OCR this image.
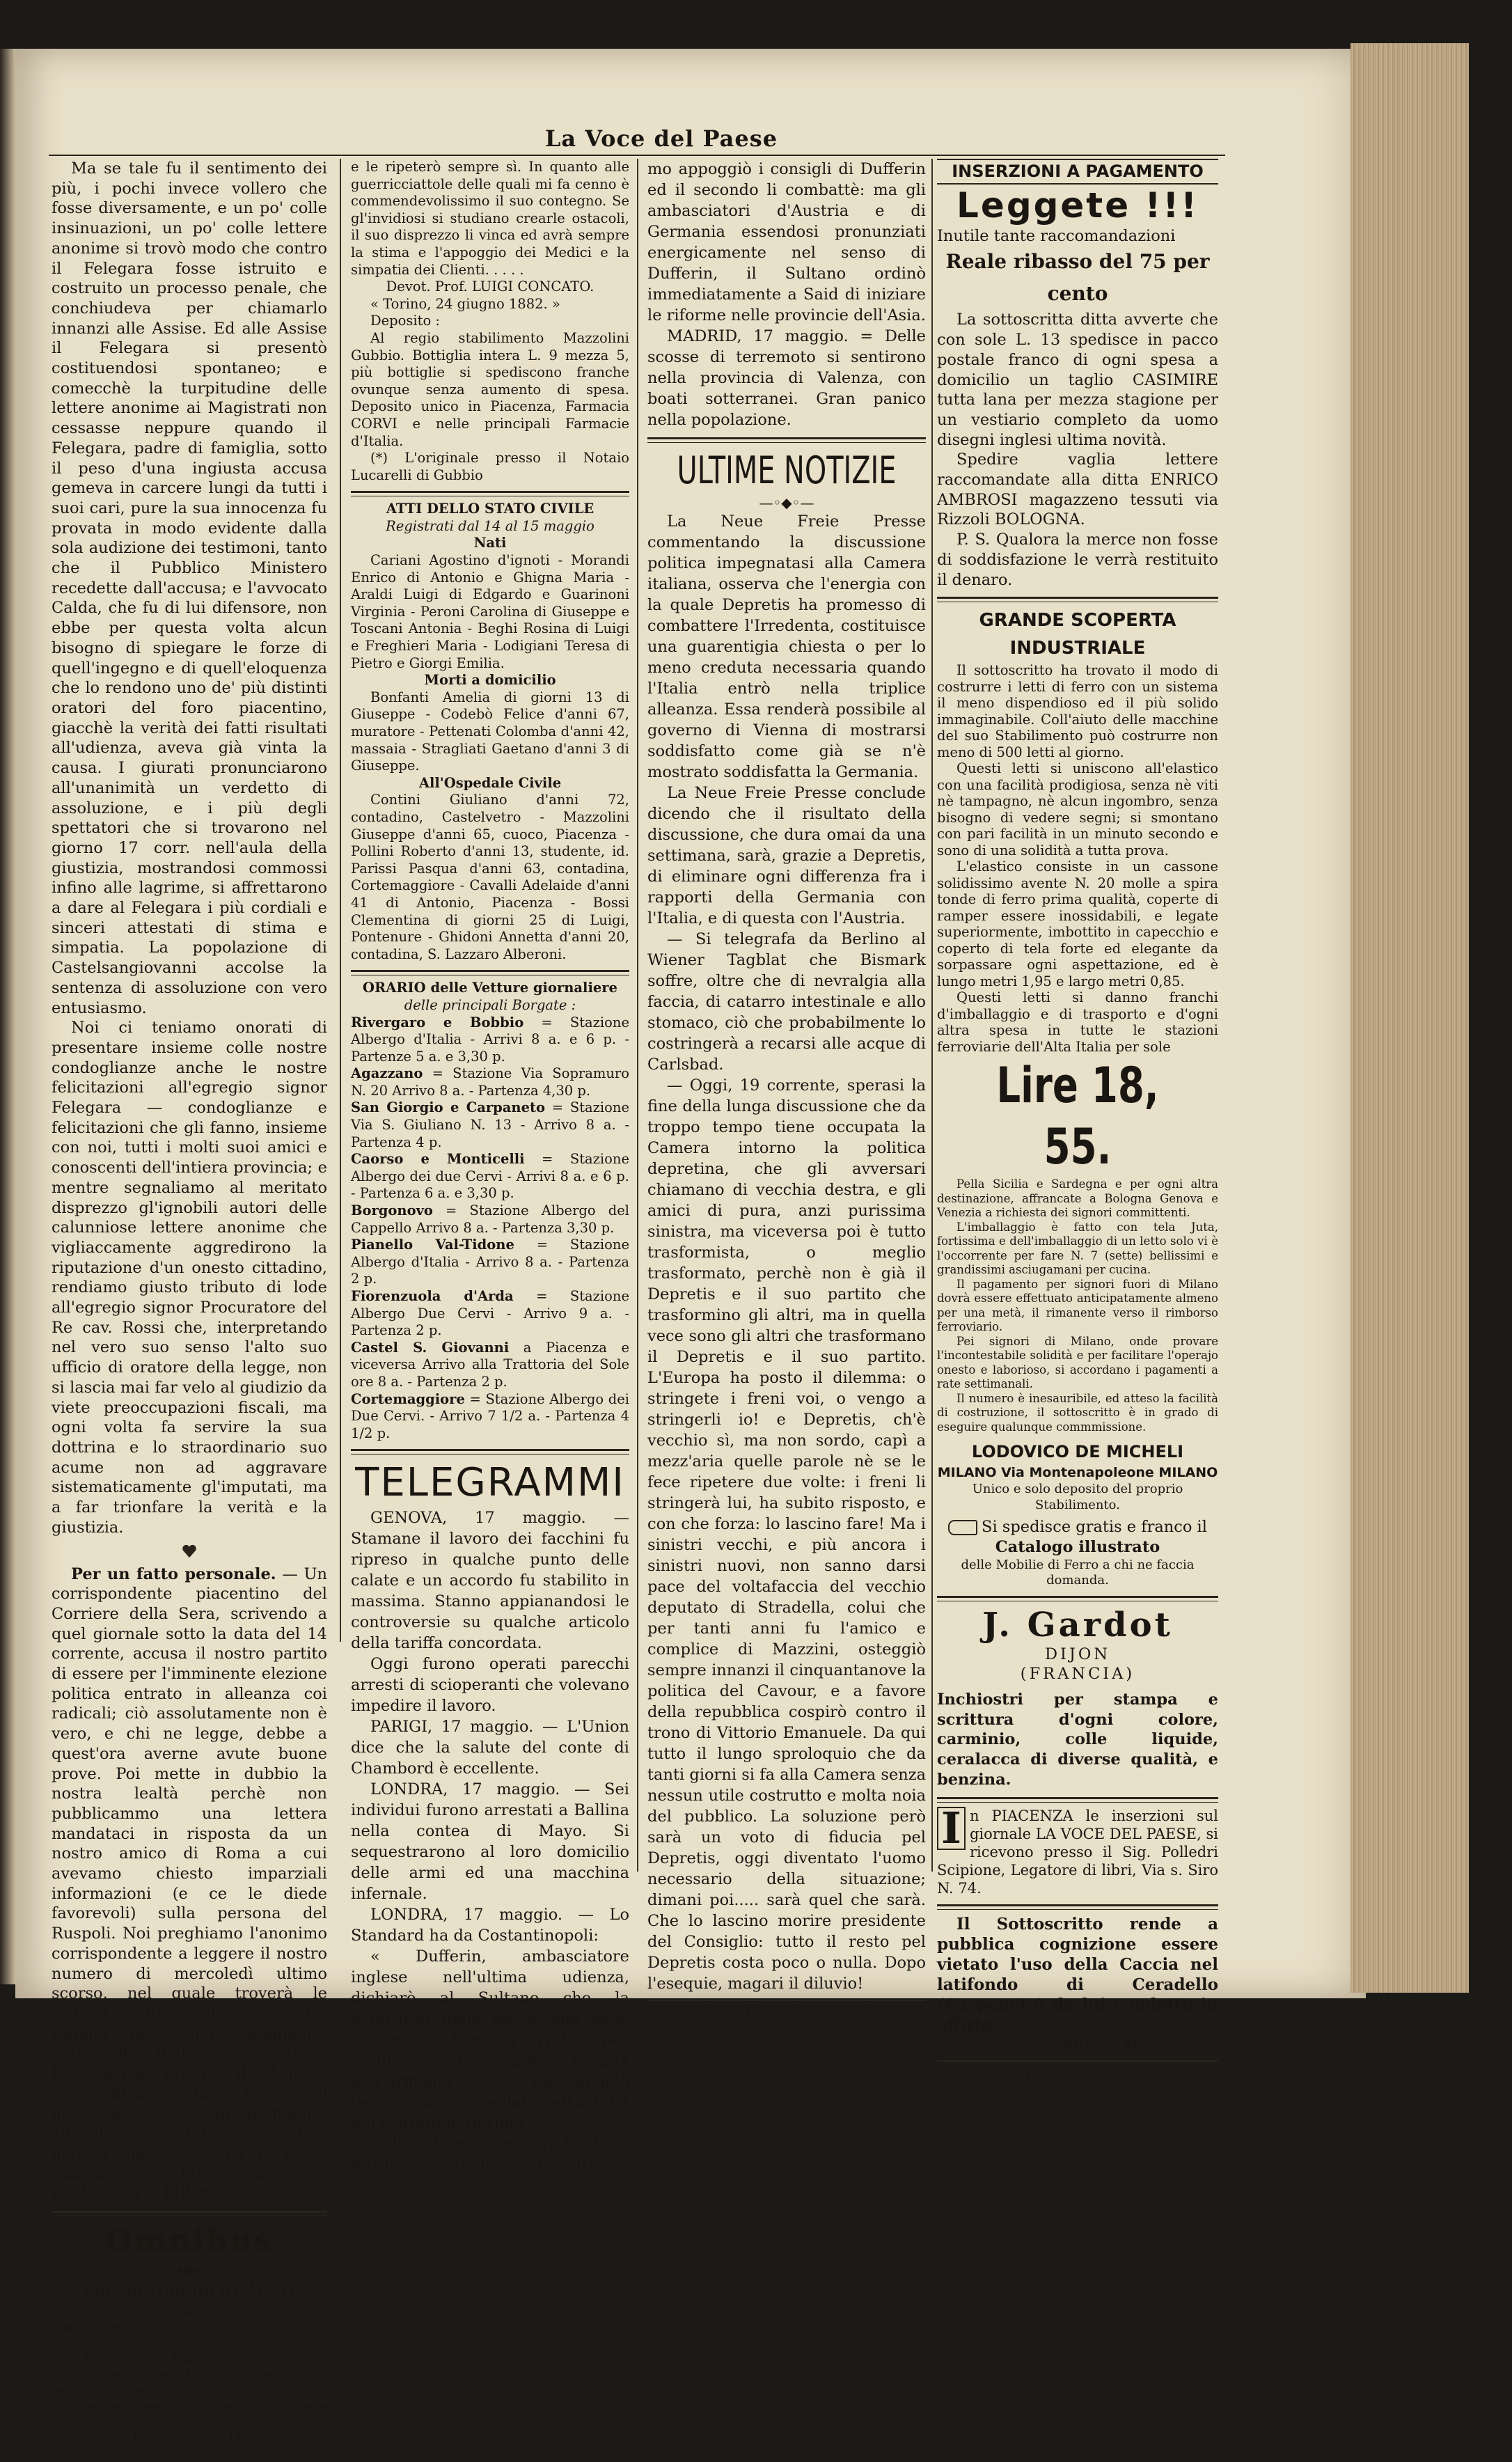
La Voce del Paese

Ma se tale fu il sentimento dei più, i pochi invece vollero che fosse diversamente, e un po' colle insinuazioni, un po' colle lettere anonime si trovò modo che contro il Felegara fosse istruito e costruito un processo penale, che conchiudeva per chiamarlo innanzi alle Assise. Ed alle Assise il Felegara si presentò costituendosi spontaneo; e comecchè la turpitudine delle lettere anonime ai Magistrati non cessasse neppure quando il Felegara, padre di famiglia, sotto il peso d'una ingiusta accusa gemeva in carcere lungi da tutti i suoi cari, pure la sua innocenza fu provata in modo evidente dalla sola audizione dei testimoni, tanto che il Pubblico Ministero recedette dall'accusa; e l'avvocato Calda, che fu di lui difensore, non ebbe per questa volta alcun bisogno di spiegare le forze di quell'ingegno e di quell'eloquenza che lo rendono uno de' più distinti oratori del foro piacentino, giacchè la verità dei fatti risultati all'udienza, aveva già vinta la causa. I giurati pronunciarono all'unanimità un verdetto di assoluzione, e i più degli spettatori che si trovarono nel giorno 17 corr. nell'aula della giustizia, mostrandosi commossi infino alle lagrime, si affrettarono a dare al Felegara i più cordiali e sinceri attestati di stima e simpatia. La popolazione di Castelsangiovanni accolse la sentenza di assoluzione con vero entusiasmo.

Noi ci teniamo onorati di presentare insieme colle nostre condoglianze anche le nostre felicitazioni all'egregio signor Felegara — condoglianze e felicitazioni che gli fanno, insieme con noi, tutti i molti suoi amici e conoscenti dell'intiera provincia; e mentre segnaliamo al meritato disprezzo gl'ignobili autori delle calunniose lettere anonime che vigliaccamente aggredirono la riputazione d'un onesto cittadino, rendiamo giusto tributo di lode all'egregio signor Procuratore del Re cav. Rossi che, interpretando nel vero suo senso l'alto suo ufficio di oratore della legge, non si lascia mai far velo al giudizio da viete preoccupazioni fiscali, ma ogni volta fa servire la sua dottrina e lo straordinario suo acume non ad aggravare sistematicamente gl'imputati, ma a far trionfare la verità e la giustizia.

Per un fatto personale. — Un corrispondente piacentino del Corriere della Sera, scrivendo a quel giornale sotto la data del 14 corrente, accusa il nostro partito di essere per l'imminente elezione politica entrato in alleanza coi radicali; ciò assolutamente non è vero, e chi ne legge, debbe a quest'ora averne avute buone prove. Poi mette in dubbio la nostra lealtà perchè non pubblicammo una lettera mandataci in risposta da un nostro amico di Roma a cui avevamo chiesto imparziali informazioni (e ce le diede favorevoli) sulla persona del Ruspoli. Noi preghiamo l'anonimo corrispondente a leggere il nostro numero di mercoledì ultimo scorso, nel quale troverà le ragioni della nostra condotta; ragioni che vennero equamente apprezzate dall'istesso giornale La Libertà, organo dell'Unione monarchica. Ma forse il mentovato corrispondente all'Unione monarchica piacentina non vi appartiene, ed è, come qualcuno vuol farci credere, un pubblicista di Milano.

Omnibus

—•◆•—

Per gli Uomini di Affari

~~~

UN ULTIMA LETTERA (*) del compianto e celebre prof. comm. Concato

« Mio caro sig. Mazzolini (GUBBIO) . . . . mi domanda il suo Liquore di Pariglina è sempre da me preferito nella mia clinica, in quei casi ove m'occorre un potente e buon depurativo del sangue, un eccellente rimedio per l'Artrite e per l'Erpetismo, ed io le ripeto

e le ripeterò sempre sì. In quanto alle guerricciattole delle quali mi fa cenno è commendevolissimo il suo contegno. Se gl'invidiosi si studiano crearle ostacoli, il suo disprezzo li vinca ed avrà sempre la stima e l'appoggio dei Medici e la simpatia dei Clienti. . . . .

Devot. Prof. LUIGI CONCATO.

« Torino, 24 giugno 1882. »

Deposito :

Al regio stabilimento Mazzolini Gubbio. Bottiglia intera L. 9 mezza 5, più bottiglie si spediscono franche ovunque senza aumento di spesa. Deposito unico in Piacenza, Farmacia CORVI e nelle principali Farmacie d'Italia.

(*) L'originale presso il Notaio Lucarelli di Gubbio

ATTI DELLO STATO CIVILE

Registrati dal 14 al 15 maggio

Nati

Cariani Agostino d'ignoti - Morandi Enrico di Antonio e Ghigna Maria - Araldi Luigi di Edgardo e Guarinoni Virginia - Peroni Carolina di Giuseppe e Toscani Antonia - Beghi Rosina di Luigi e Freghieri Maria - Lodigiani Teresa di Pietro e Giorgi Emilia.

Morti a domicilio

Bonfanti Amelia di giorni 13 di Giuseppe - Codebò Felice d'anni 67, muratore - Pettenati Colomba d'anni 42, massaia - Stragliati Gaetano d'anni 3 di Giuseppe.

All'Ospedale Civile

Contini Giuliano d'anni 72, contadino, Castelvetro - Mazzolini Giuseppe d'anni 65, cuoco, Piacenza - Pollini Roberto d'anni 13, studente, id. Parissi Pasqua d'anni 63, contadina, Cortemaggiore - Cavalli Adelaide d'anni 41 di Antonio, Piacenza - Bossi Clementina di giorni 25 di Luigi, Pontenure - Ghidoni Annetta d'anni 20, contadina, S. Lazzaro Alberoni.

ORARIO delle Vetture giornaliere

delle principali Borgate :

Rivergaro e Bobbio = Stazione Albergo d'Italia - Arrivi 8 a. e 6 p. - Partenze 5 a. e 3,30 p.

Agazzano = Stazione Via Sopramuro N. 20 Arrivo 8 a. - Partenza 4,30 p.

San Giorgio e Carpaneto = Stazione Via S. Giuliano N. 13 - Arrivo 8 a. - Partenza 4 p.

Caorso e Monticelli = Stazione Albergo dei due Cervi - Arrivi 8 a. e 6 p. - Partenza 6 a. e 3,30 p.

Borgonovo = Stazione Albergo del Cappello Arrivo 8 a. - Partenza 3,30 p.

Pianello Val-Tidone = Stazione Albergo d'Italia - Arrivo 8 a. - Partenza 2 p.

Fiorenzuola d'Arda = Stazione Albergo Due Cervi - Arrivo 9 a. - Partenza 2 p.

Castel S. Giovanni a Piacenza e viceversa Arrivo alla Trattoria del Sole ore 8 a. - Partenza 2 p.

Cortemaggiore = Stazione Albergo dei Due Cervi. - Arrivo 7 1/2 a. - Partenza 4 1/2 p.

TELEGRAMMI

GENOVA, 17 maggio. — Stamane il lavoro dei facchini fu ripreso in qualche punto delle calate e un accordo fu stabilito in massima. Stanno appianandosi le controversie su qualche articolo della tariffa concordata.

Oggi furono operati parecchi arresti di scioperanti che volevano impedire il lavoro.

PARIGI, 17 maggio. — L'Union dice che la salute del conte di Chambord è eccellente.

LONDRA, 17 maggio. — Sei individui furono arrestati a Ballina nella contea di Mayo. Si sequestrarono al loro domicilio delle armi ed una macchina infernale.

LONDRA, 17 maggio. — Lo Standard ha da Costantinopoli:

« Dufferin, ambasciatore inglese nell'ultima udienza, dichiarò al Sultano che la mancanza della esecuzione delle riforme in Armenia avrebbe per risultato l'inevitabile perdita dell'Armenia, e raccomandò l'esecuzione immediata dell'art. 67 del trattato di Berlino.

« Il Sultano consultò Said ed Aarifi, ministro degli esteri. Il pri-

mo appoggiò i consigli di Dufferin ed il secondo li combattè: ma gli ambasciatori d'Austria e di Germania essendosi pronunziati energicamente nel senso di Dufferin, il Sultano ordinò immediatamente a Said di iniziare le riforme nelle provincie dell'Asia.

MADRID, 17 maggio. = Delle scosse di terremoto si sentirono nella provincia di Valenza, con boati sotterranei. Gran panico nella popolazione.

ULTIME NOTIZIE

—◦◆◦—

La Neue Freie Presse commentando la discussione politica impegnatasi alla Camera italiana, osserva che l'energia con la quale Depretis ha promesso di combattere l'Irredenta, costituisce una guarentigia chiesta o per lo meno creduta necessaria quando l'Italia entrò nella triplice alleanza. Essa renderà possibile al governo di Vienna di mostrarsi soddisfatto come già se n'è mostrato soddisfatta la Germania.

La Neue Freie Presse conclude dicendo che il risultato della discussione, che dura omai da una settimana, sarà, grazie a Depretis, di eliminare ogni differenza fra i rapporti della Germania con l'Italia, e di questa con l'Austria.

— Si telegrafa da Berlino al Wiener Tagblat che Bismark soffre, oltre che di nevralgia alla faccia, di catarro intestinale e allo stomaco, ciò che probabilmente lo costringerà a recarsi alle acque di Carlsbad.

— Oggi, 19 corrente, sperasi la fine della lunga discussione che da troppo tempo tiene occupata la Camera intorno la politica depretina, che gli avversari chiamano di vecchia destra, e gli amici di pura, anzi purissima sinistra, ma viceversa poi è tutto trasformista, o meglio trasformato, perchè non è già il Depretis e il suo partito che trasformino gli altri, ma in quella vece sono gli altri che trasformano il Depretis e il suo partito. L'Europa ha posto il dilemma: o stringete i freni voi, o vengo a stringerli io! e Depretis, ch'è vecchio sì, ma non sordo, capì a mezz'aria quelle parole nè se le fece ripetere due volte: i freni li stringerà lui, ha subito risposto, e con che forza: lo lascino fare! Ma i sinistri vecchi, e più ancora i sinistri nuovi, non sanno darsi pace del voltafaccia del vecchio deputato di Stradella, colui che per tanti anni fu l'amico e complice di Mazzini, osteggiò sempre innanzi il cinquantanove la politica del Cavour, e a favore della repubblica cospirò contro il trono di Vittorio Emanuele. Da qui tutto il lungo sproloquio che da tanti giorni si fa alla Camera senza nessun utile costrutto e molta noia del pubblico. La soluzione però sarà un voto di fiducia pel Depretis, oggi diventato l'uomo necessario della situazione; dimani poi..... sarà quel che sarà. Che lo lascino morire presidente del Consiglio: tutto il resto pel Depretis costa poco o nulla. Dopo l'esequie, magari il diluvio!

Alberto Favari, Responsabile

INSERZIONI A PAGAMENTO

Leggete !!!

Inutile tante raccomandazioni

Reale ribasso del 75 per cento

La sottoscritta ditta avverte che con sole L. 13 spedisce in pacco postale franco di ogni spesa a domicilio un taglio CASIMIRE tutta lana per mezza stagione per un vestiario completo da uomo disegni inglesi ultima novità.

Spedire vaglia lettere raccomandate alla ditta ENRICO AMBROSI magazzeno tessuti via Rizzoli BOLOGNA.

P. S. Qualora la merce non fosse di soddisfazione le verrà restituito il denaro.

GRANDE SCOPERTA INDUSTRIALE

Il sottoscritto ha trovato il modo di costrurre i letti di ferro con un sistema il meno dispendioso ed il più solido immaginabile. Coll'aiuto delle macchine del suo Stabilimento può costrurre non meno di 500 letti al giorno.

Questi letti si uniscono all'elastico con una facilità prodigiosa, senza nè viti nè tampagno, nè alcun ingombro, senza bisogno di vedere segni; si smontano con pari facilità in un minuto secondo e sono di una solidità a tutta prova.

L'elastico consiste in un cassone solidissimo avente N. 20 molle a spira tonde di ferro prima qualità, coperte di ramper essere inossidabili, e legate superiormente, imbottito in capecchio e coperto di tela forte ed elegante da sorpassare ogni aspettazione, ed è lungo metri 1,95 e largo metri 0,85.

Questi letti si danno franchi d'imballaggio e di trasporto e d'ogni altra spesa in tutte le stazioni ferroviarie dell'Alta Italia per sole

Lire 18, 55.

Pella Sicilia e Sardegna e per ogni altra destinazione, affrancate a Bologna Genova e Venezia a richiesta dei signori committenti.

L'imballaggio è fatto con tela Juta, fortissima e dell'imballaggio di un letto solo vi è l'occorrente per fare N. 7 (sette) bellissimi e grandissimi asciugamani per cucina.

Il pagamento per signori fuori di Milano dovrà essere effettuato anticipatamente almeno per una metà, il rimanente verso il rimborso ferroviario.

Pei signori di Milano, onde provare l'incontestabile solidità e per facilitare l'operajo onesto e laborioso, si accordano i pagamenti a rate settimanali.

Il numero è inesauribile, ed atteso la facilità di costruzione, il sottoscritto è in grado di eseguire qualunque commmissione.

LODOVICO DE MICHELI

MILANO Via Montenapoleone MILANO

Unico e solo deposito del proprio Stabilimento.

Si spedisce gratis e franco il

Catalogo illustrato

delle Mobilie di Ferro a chi ne faccia domanda.

J. Gardot

DIJON

(FRANCIA)

Inchiostri per stampa e scrittura d'ogni colore, carminio, colle liquide, ceralacca di diverse qualità, e benzina.

I n PIACENZA le inserzioni sul giornale LA VOCE DEL PAESE, si ricevono presso il Sig. Polledri Scipione, Legatore di libri, Via s. Siro N. 74.

Il Sottoscritto rende a pubblica cognizione essere vietato l'uso della Caccia nel latifondo di Ceradello (Carpaneto) da lui condotto in affitto.

Angelo Malvezzi.

Piacenza Tipografia Sant' Antonino.
